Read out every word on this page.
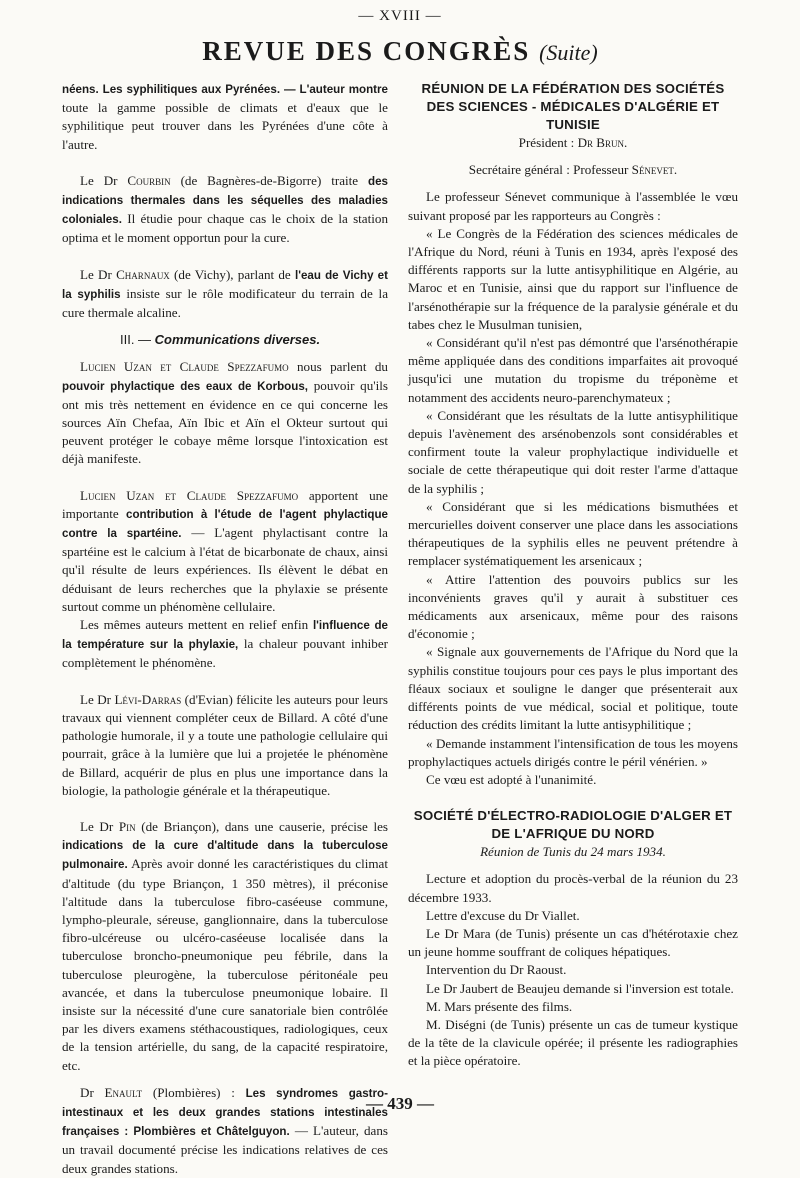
— XVIII —
REVUE DES CONGRÈS (Suite)

néens. Les syphilitiques aux Pyrénées. — L'auteur montre toute la gamme possible de climats et d'eaux que le syphilitique peut trouver dans les Pyrénées d'une côte à l'autre.

Le Dr Courbin (de Bagnères-de-Bigorre) traite des indications thermales dans les séquelles des maladies coloniales. Il étudie pour chaque cas le choix de la station optima et le moment opportun pour la cure.

Le Dr Charnaux (de Vichy), parlant de l'eau de Vichy et la syphilis insiste sur le rôle modificateur du terrain de la cure thermale alcaline.

III. — Communications diverses.

Lucien Uzan et Claude Spezzafumo nous parlent du pouvoir phylactique des eaux de Korbous, pouvoir qu'ils ont mis très nettement en évidence en ce qui concerne les sources Aïn Chefaa, Aïn Ibic et Aïn el Okteur surtout qui peuvent protéger le cobaye même lorsque l'intoxication est déjà manifeste.

Lucien Uzan et Claude Spezzafumo apportent une importante contribution à l'étude de l'agent phylactique contre la spartéine. — L'agent phylactisant contre la spartéine est le calcium à l'état de bicarbonate de chaux, ainsi qu'il résulte de leurs expériences. Ils élèvent le débat en déduisant de leurs recherches que la phylaxie se présente surtout comme un phénomène cellulaire.

Les mêmes auteurs mettent en relief enfin l'influence de la température sur la phylaxie, la chaleur pouvant inhiber complètement le phénomène.

Le Dr Lévi-Darras (d'Evian) félicite les auteurs pour leurs travaux qui viennent compléter ceux de Billard. A côté d'une pathologie humorale, il y a toute une pathologie cellulaire qui pourrait, grâce à la lumière que lui a projetée le phénomène de Billard, acquérir de plus en plus une importance dans la biologie, la pathologie générale et la thérapeutique.

Le Dr Pin (de Briançon), dans une causerie, précise les indications de la cure d'altitude dans la tuberculose pulmonaire. Après avoir donné les caractéristiques du climat d'altitude (du type Briançon, 1 350 mètres), il préconise l'altitude dans la tuberculose fibro-caséeuse commune, lympho-pleurale, séreuse, ganglionnaire, dans la tuberculose fibro-ulcéreuse ou ulcéro-caséeuse localisée dans la tuberculose broncho-pneumonique peu fébrile, dans la tuberculose pleurogène, la tuberculose péritonéale peu avancée, et dans la tuberculose pneumonique lobaire. Il insiste sur la nécessité d'une cure sanatoriale bien contrôlée par les divers examens stéthacoustiques, radiologiques, ceux de la tension artérielle, du sang, de la capacité respiratoire, etc.

Dr Enault (Plombières) : Les syndromes gastro-intestinaux et les deux grandes stations intestinales françaises : Plombières et Châtelguyon. — L'auteur, dans un travail documenté précise les indications relatives de ces deux grandes stations.

RÉUNION DE LA FÉDÉRATION DES SOCIÉTÉS DES SCIENCES - MÉDICALES D'ALGÉRIE ET TUNISIE

Président : Dr Brun.

Secrétaire général : Professeur Sénevet.

Le professeur Sénevet communique à l'assemblée le vœu suivant proposé par les rapporteurs au Congrès :

« Le Congrès de la Fédération des sciences médicales de l'Afrique du Nord, réuni à Tunis en 1934, après l'exposé des différents rapports sur la lutte antisyphilitique en Algérie, au Maroc et en Tunisie, ainsi que du rapport sur l'influence de l'arsénothérapie sur la fréquence de la paralysie générale et du tabes chez le Musulman tunisien,

« Considérant qu'il n'est pas démontré que l'arsénothérapie même appliquée dans des conditions imparfaites ait provoqué jusqu'ici une mutation du tropisme du tréponème et notamment des accidents neuro-parenchymateux ;

« Considérant que les résultats de la lutte antisyphilitique depuis l'avènement des arsénobenzols sont considérables et confirment toute la valeur prophylactique individuelle et sociale de cette thérapeutique qui doit rester l'arme d'attaque de la syphilis ;

« Considérant que si les médications bismuthées et mercurielles doivent conserver une place dans les associations thérapeutiques de la syphilis elles ne peuvent prétendre à remplacer systématiquement les arsenicaux ;

« Attire l'attention des pouvoirs publics sur les inconvénients graves qu'il y aurait à substituer ces médicaments aux arsenicaux, même pour des raisons d'économie ;

« Signale aux gouvernements de l'Afrique du Nord que la syphilis constitue toujours pour ces pays le plus important des fléaux sociaux et souligne le danger que présenterait aux différents points de vue médical, social et politique, toute réduction des crédits limitant la lutte antisyphilitique ;

« Demande instamment l'intensification de tous les moyens prophylactiques actuels dirigés contre le péril vénérien. »

Ce vœu est adopté à l'unanimité.

SOCIÉTÉ D'ÉLECTRO-RADIOLOGIE D'ALGER ET DE L'AFRIQUE DU NORD

Réunion de Tunis du 24 mars 1934.

Lecture et adoption du procès-verbal de la réunion du 23 décembre 1933.

Lettre d'excuse du Dr Viallet.

Le Dr Mara (de Tunis) présente un cas d'hétérotaxie chez un jeune homme souffrant de coliques hépatiques.

Intervention du Dr Raoust.

Le Dr Jaubert de Beaujeu demande si l'inversion est totale.

M. Mars présente des films.

M. Diségni (de Tunis) présente un cas de tumeur kystique de la tête de la clavicule opérée; il présente les radiographies et la pièce opératoire.

— 439 —
